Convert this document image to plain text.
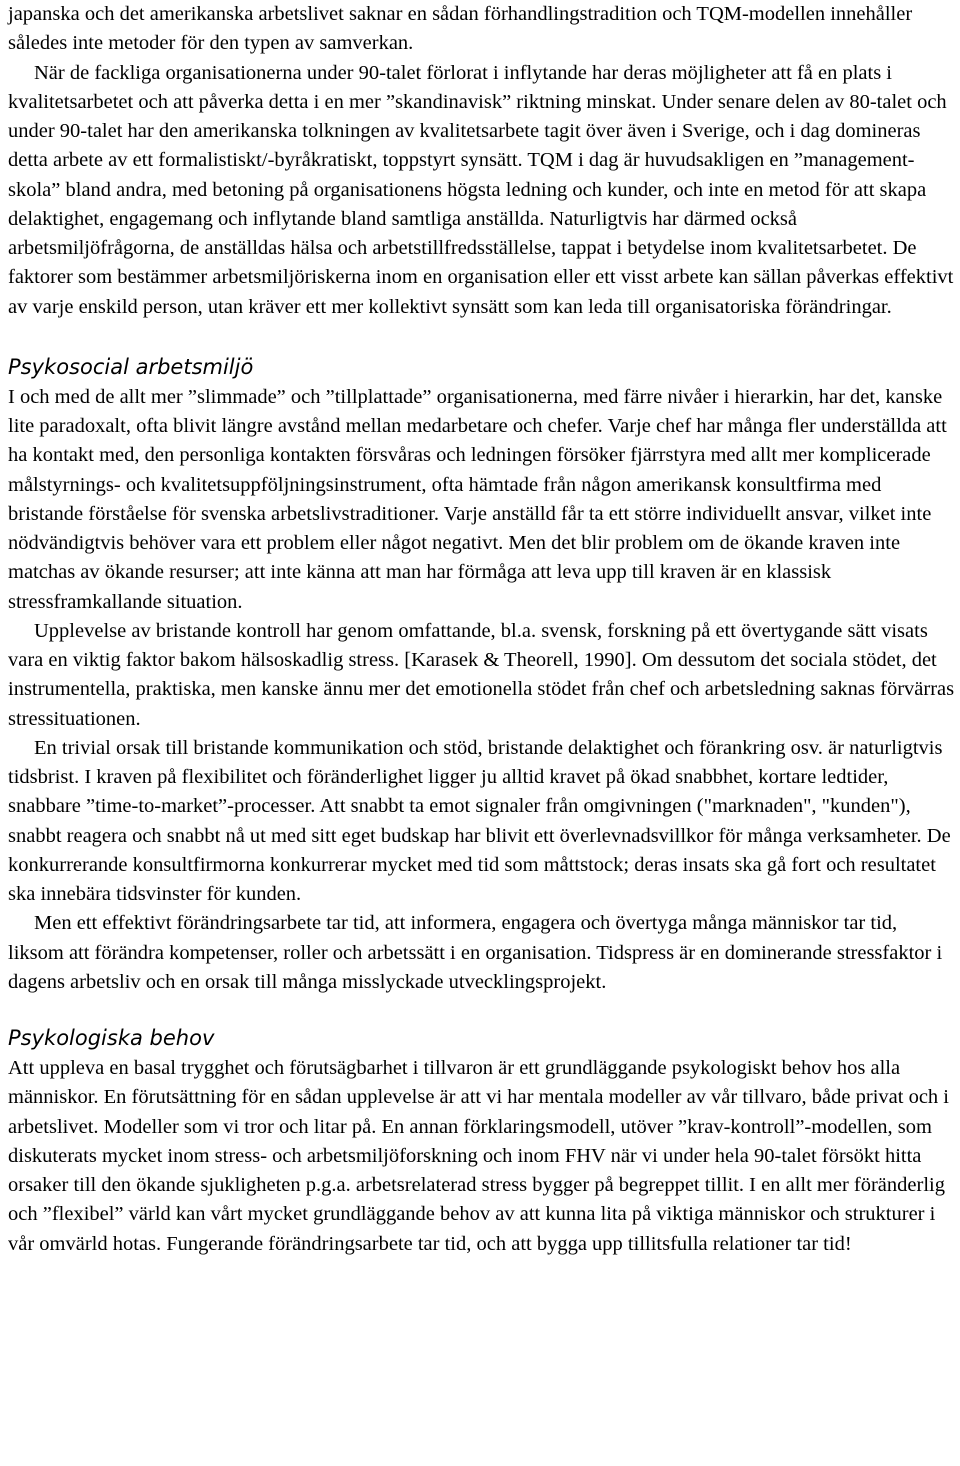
japanska och det amerikanska arbetslivet saknar en sådan förhandlingstradition och TQM-modellen innehåller således inte metoder för den typen av samverkan.

När de fackliga organisationerna under 90-talet förlorat i inflytande har deras möjligheter att få en plats i kvalitetsarbetet och att påverka detta i en mer ”skandinavisk” riktning minskat. Under senare delen av 80-talet och under 90-talet har den amerikanska tolkningen av kvalitetsarbete tagit över även i Sverige, och i dag domineras detta arbete av ett formalistiskt/-byråkratiskt, toppstyrt synsätt. TQM i dag är huvudsakligen en ”management-skola” bland andra, med betoning på organisationens högsta ledning och kunder, och inte en metod för att skapa delaktighet, engagemang och inflytande bland samtliga anställda. Naturligtvis har därmed också arbetsmiljöfrågorna, de anställdas hälsa och arbetstillfredsställelse, tappat i betydelse inom kvalitetsarbetet. De faktorer som bestämmer arbetsmiljöriskerna inom en organisation eller ett visst arbete kan sällan påverkas effektivt av varje enskild person, utan kräver ett mer kollektivt synsätt som kan leda till organisatoriska förändringar.

Psykosocial arbetsmiljö

I och med de allt mer ”slimmade” och ”tillplattade” organisationerna, med färre nivåer i hierarkin, har det, kanske lite paradoxalt, ofta blivit längre avstånd mellan medarbetare och chefer. Varje chef har många fler underställda att ha kontakt med, den personliga kontakten försvåras och ledningen försöker fjärrstyra med allt mer komplicerade målstyrnings- och kvalitetsuppföljningsinstrument, ofta hämtade från någon amerikansk konsultfirma med bristande förståelse för svenska arbetslivstraditioner. Varje anställd får ta ett större individuellt ansvar, vilket inte nödvändigtvis behöver vara ett problem eller något negativt. Men det blir problem om de ökande kraven inte matchas av ökande resurser; att inte känna att man har förmåga att leva upp till kraven är en klassisk stressframkallande situation.

Upplevelse av bristande kontroll har genom omfattande, bl.a. svensk, forskning på ett övertygande sätt visats vara en viktig faktor bakom hälsoskadlig stress. [Karasek & Theorell, 1990]. Om dessutom det sociala stödet, det instrumentella, praktiska, men kanske ännu mer det emotionella stödet från chef och arbetsledning saknas förvärras stressituationen.

En trivial orsak till bristande kommunikation och stöd, bristande delaktighet och förankring osv. är naturligtvis tidsbrist. I kraven på flexibilitet och föränderlighet ligger ju alltid kravet på ökad snabbhet, kortare ledtider, snabbare ”time-to-market”-processer. Att snabbt ta emot signaler från omgivningen ("marknaden", "kunden"), snabbt reagera och snabbt nå ut med sitt eget budskap har blivit ett överlevnadsvillkor för många verksamheter. De konkurrerande konsultfirmorna konkurrerar mycket med tid som måttstock; deras insats ska gå fort och resultatet ska innebära tidsvinster för kunden.

Men ett effektivt förändringsarbete tar tid, att informera, engagera och övertyga många människor tar tid, liksom att förändra kompetenser, roller och arbetssätt i en organisation. Tidspress är en dominerande stressfaktor i dagens arbetsliv och en orsak till många misslyckade utvecklingsprojekt.

Psykologiska behov

Att uppleva en basal trygghet och förutsägbarhet i tillvaron är ett grundläggande psykologiskt behov hos alla människor. En förutsättning för en sådan upplevelse är att vi har mentala modeller av vår tillvaro, både privat och i arbetslivet. Modeller som vi tror och litar på. En annan förklaringsmodell, utöver ”krav-kontroll”-modellen, som diskuterats mycket inom stress- och arbetsmiljöforskning och inom FHV när vi under hela 90-talet försökt hitta orsaker till den ökande sjukligheten p.g.a. arbetsrelaterad stress bygger på begreppet tillit. I en allt mer föränderlig och ”flexibel” värld kan vårt mycket grundläggande behov av att kunna lita på viktiga människor och strukturer i vår omvärld hotas. Fungerande förändringsarbete tar tid, och att bygga upp tillitsfulla relationer tar tid!
